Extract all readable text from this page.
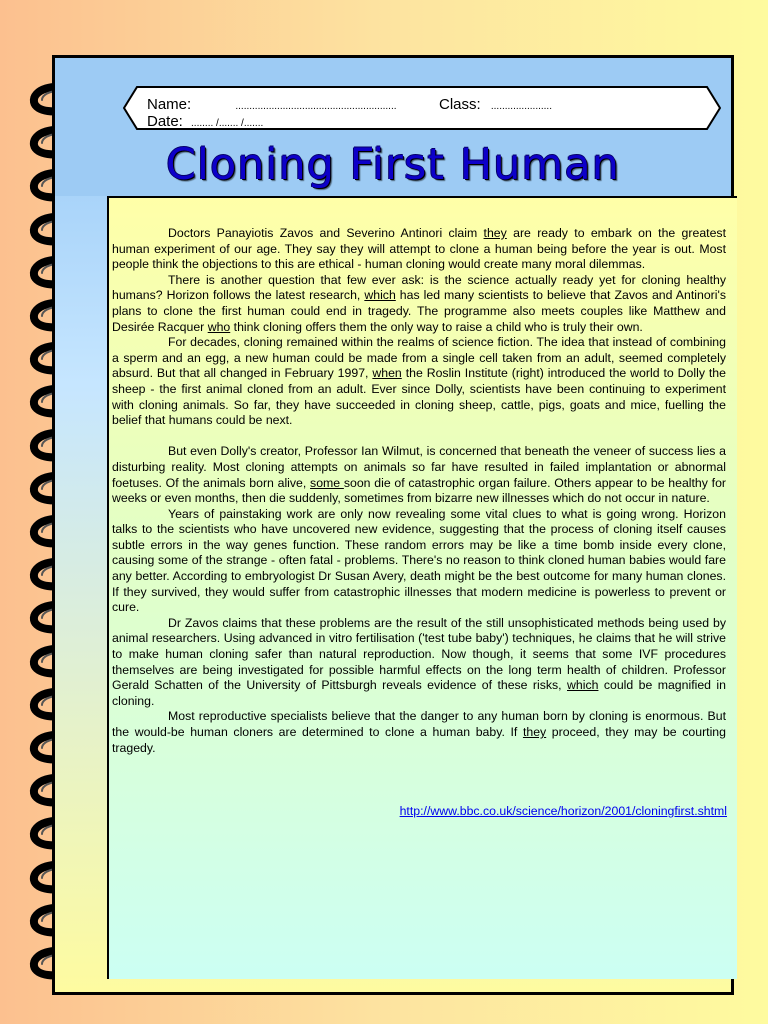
Name:	..........................................................	Class: ......................
Date: ........ /....... /.......
Cloning First Human

Doctors Panayiotis Zavos and Severino Antinori claim they are ready to embark on the greatest human experiment of our age. They say they will attempt to clone a human being before the year is out. Most people think the objections to this are ethical - human cloning would create many moral dilemmas.

There is another question that few ever ask: is the science actually ready yet for cloning healthy humans? Horizon follows the latest research, which has led many scientists to believe that Zavos and Antinori's plans to clone the first human could end in tragedy. The programme also meets couples like Matthew and Desirée Racquer who think cloning offers them the only way to raise a child who is truly their own.

For decades, cloning remained within the realms of science fiction. The idea that instead of combining a sperm and an egg, a new human could be made from a single cell taken from an adult, seemed completely absurd. But that all changed in February 1997, when the Roslin Institute (right) introduced the world to Dolly the sheep - the first animal cloned from an adult. Ever since Dolly, scientists have been continuing to experiment with cloning animals. So far, they have succeeded in cloning sheep, cattle, pigs, goats and mice, fuelling the belief that humans could be next.

But even Dolly's creator, Professor Ian Wilmut, is concerned that beneath the veneer of success lies a disturbing reality. Most cloning attempts on animals so far have resulted in failed implantation or abnormal foetuses. Of the animals born alive, some soon die of catastrophic organ failure. Others appear to be healthy for weeks or even months, then die suddenly, sometimes from bizarre new illnesses which do not occur in nature.

Years of painstaking work are only now revealing some vital clues to what is going wrong. Horizon talks to the scientists who have uncovered new evidence, suggesting that the process of cloning itself causes subtle errors in the way genes function. These random errors may be like a time bomb inside every clone, causing some of the strange - often fatal - problems. There's no reason to think cloned human babies would fare any better. According to embryologist Dr Susan Avery, death might be the best outcome for many human clones. If they survived, they would suffer from catastrophic illnesses that modern medicine is powerless to prevent or cure.

Dr Zavos claims that these problems are the result of the still unsophisticated methods being used by animal researchers. Using advanced in vitro fertilisation ('test tube baby') techniques, he claims that he will strive to make human cloning safer than natural reproduction. Now though, it seems that some IVF procedures themselves are being investigated for possible harmful effects on the long term health of children. Professor Gerald Schatten of the University of Pittsburgh reveals evidence of these risks, which could be magnified in cloning.

Most reproductive specialists believe that the danger to any human born by cloning is enormous. But the would-be human cloners are determined to clone a human baby. If they proceed, they may be courting tragedy.

http://www.bbc.co.uk/science/horizon/2001/cloningfirst.shtml
